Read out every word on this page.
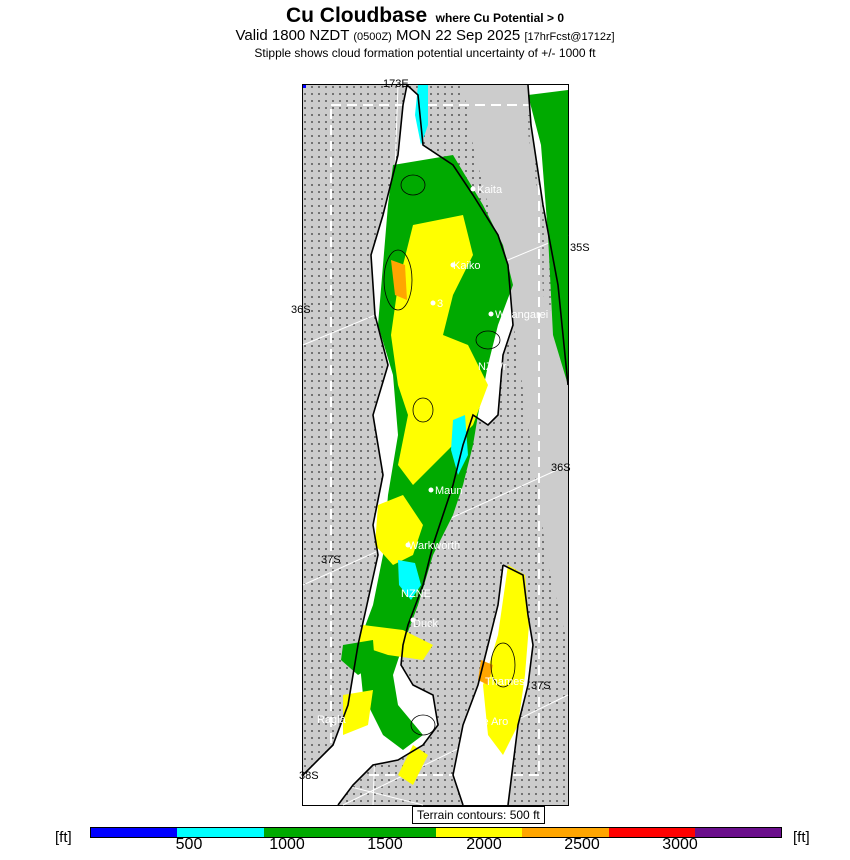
Cu Cloudbase where Cu Potential > 0
Valid 1800 NZDT (0500Z) MON 22 Sep 2025 [17hrFcst@1712z]
Stipple shows cloud formation potential uncertainty of +/- 1000 ft
Kaita
Kaiko
Whangarei
3
NZWr
Maun
Warkworth
NZNE
Duck
Thames
Te Aro
Ragla
173E
35S
36S
36S
37S
37S
38S
Terrain contours: 500 ft
[ft]	[ft]
500	1000	1500	2000	2500	3000
